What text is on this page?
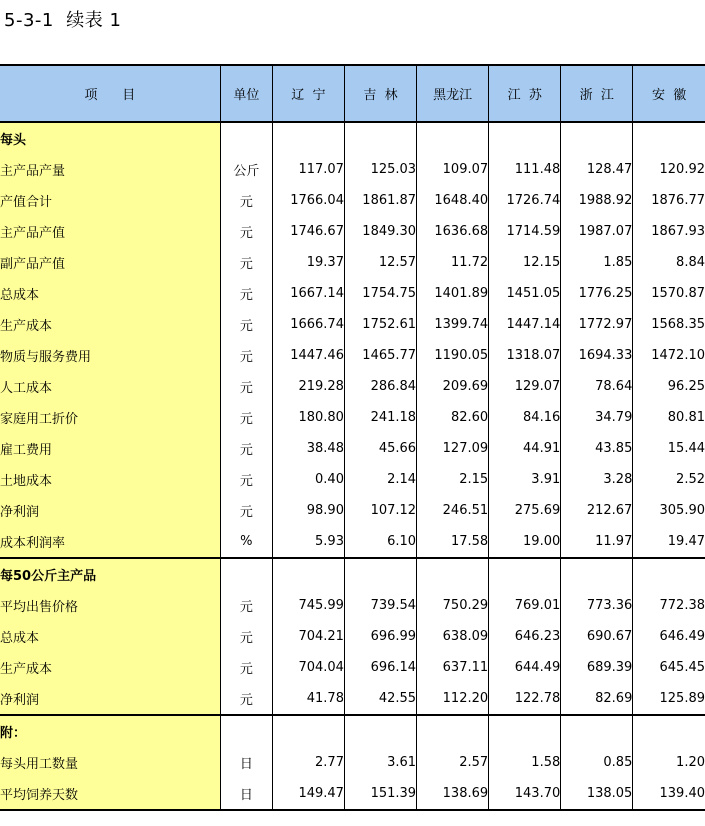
5-3-1  续表 1
项      目	单位	辽  宁	吉  林	黑龙江	江  苏	浙  江	安  徽
每头							
主产品产量	公斤	117.07	125.03	109.07	111.48	128.47	120.92
产值合计	元	1766.04	1861.87	1648.40	1726.74	1988.92	1876.77
主产品产值	元	1746.67	1849.30	1636.68	1714.59	1987.07	1867.93
副产品产值	元	19.37	12.57	11.72	12.15	1.85	8.84
总成本	元	1667.14	1754.75	1401.89	1451.05	1776.25	1570.87
生产成本	元	1666.74	1752.61	1399.74	1447.14	1772.97	1568.35
物质与服务费用	元	1447.46	1465.77	1190.05	1318.07	1694.33	1472.10
人工成本	元	219.28	286.84	209.69	129.07	78.64	96.25
家庭用工折价	元	180.80	241.18	82.60	84.16	34.79	80.81
雇工费用	元	38.48	45.66	127.09	44.91	43.85	15.44
土地成本	元	0.40	2.14	2.15	3.91	3.28	2.52
净利润	元	98.90	107.12	246.51	275.69	212.67	305.90
成本利润率	%	5.93	6.10	17.58	19.00	11.97	19.47
每50公斤主产品							
平均出售价格	元	745.99	739.54	750.29	769.01	773.36	772.38
总成本	元	704.21	696.99	638.09	646.23	690.67	646.49
生产成本	元	704.04	696.14	637.11	644.49	689.39	645.45
净利润	元	41.78	42.55	112.20	122.78	82.69	125.89
附：							
每头用工数量	日	2.77	3.61	2.57	1.58	0.85	1.20
平均饲养天数	日	149.47	151.39	138.69	143.70	138.05	139.40
